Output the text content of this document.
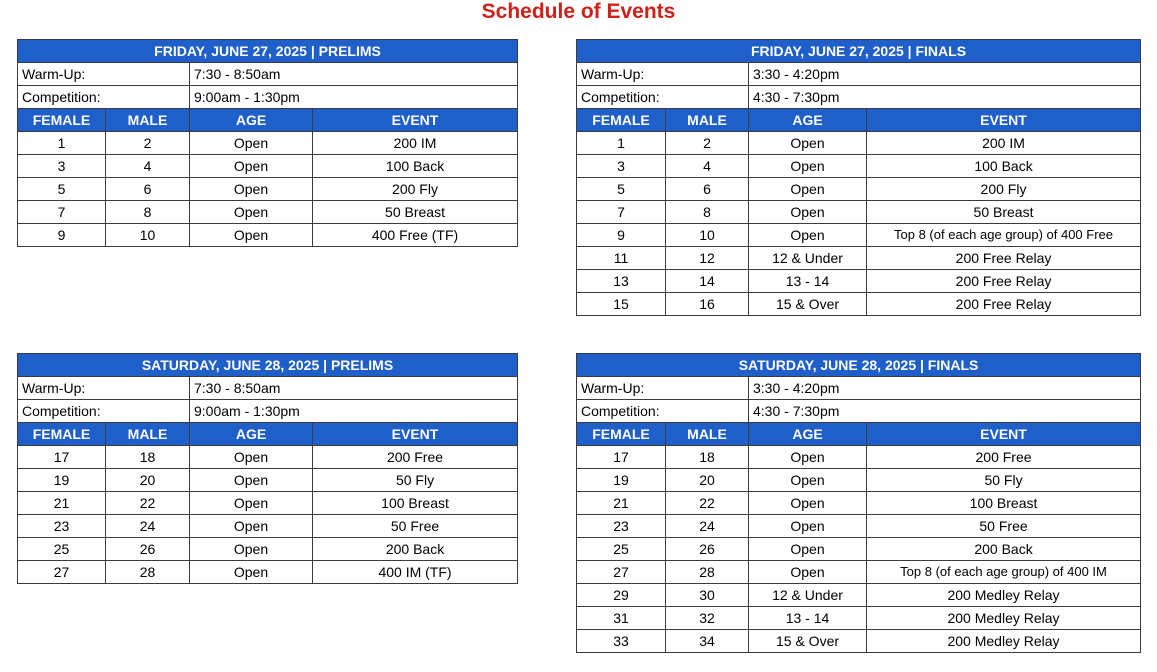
Schedule of Events
FRIDAY, JUNE 27, 2025 | PRELIMS			
Warm-Up:		7:30 - 8:50am	
Competition:		9:00am - 1:30pm	
FEMALE	MALE	AGE	EVENT
1	2	Open	200 IM
3	4	Open	100 Back
5	6	Open	200 Fly
7	8	Open	50 Breast
9	10	Open	400 Free (TF)
FRIDAY, JUNE 27, 2025 | FINALS			
Warm-Up:		3:30 - 4:20pm	
Competition:		4:30 - 7:30pm	
FEMALE	MALE	AGE	EVENT
1	2	Open	200 IM
3	4	Open	100 Back
5	6	Open	200 Fly
7	8	Open	50 Breast
9	10	Open	Top 8 (of each age group) of 400 Free
11	12	12 & Under	200 Free Relay
13	14	13 - 14	200 Free Relay
15	16	15 & Over	200 Free Relay
SATURDAY, JUNE 28, 2025 | PRELIMS			
Warm-Up:		7:30 - 8:50am	
Competition:		9:00am - 1:30pm	
FEMALE	MALE	AGE	EVENT
17	18	Open	200 Free
19	20	Open	50 Fly
21	22	Open	100 Breast
23	24	Open	50 Free
25	26	Open	200 Back
27	28	Open	400 IM (TF)
SATURDAY, JUNE 28, 2025 | FINALS			
Warm-Up:		3:30 - 4:20pm	
Competition:		4:30 - 7:30pm	
FEMALE	MALE	AGE	EVENT
17	18	Open	200 Free
19	20	Open	50 Fly
21	22	Open	100 Breast
23	24	Open	50 Free
25	26	Open	200 Back
27	28	Open	Top 8 (of each age group) of 400 IM
29	30	12 & Under	200 Medley Relay
31	32	13 - 14	200 Medley Relay
33	34	15 & Over	200 Medley Relay
